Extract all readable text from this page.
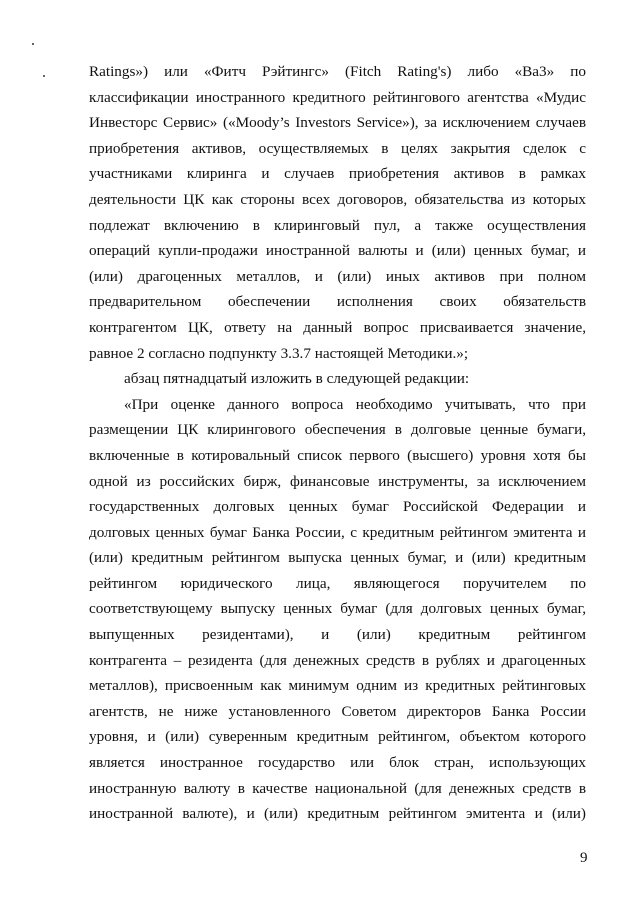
Ratings») или «Фитч Рэйтингс» (Fitch Rating's) либо «Ba3» по
классификации иностранного кредитного рейтингового агентства «Мудис
Инвесторс Сервис» («Moody’s Investors Service»), за исключением случаев
приобретения активов, осуществляемых в целях закрытия сделок с
участниками клиринга и случаев приобретения активов в рамках
деятельности ЦК как стороны всех договоров, обязательства из которых
подлежат включению в клиринговый пул, а также осуществления
операций купли-продажи иностранной валюты и (или) ценных бумаг, и
(или) драгоценных металлов, и (или) иных активов при полном
предварительном обеспечении исполнения своих обязательств
контрагентом ЦК, ответу на данный вопрос присваивается значение,
равное 2 согласно подпункту 3.3.7 настоящей Методики.»;
абзац пятнадцатый изложить в следующей редакции:
«При оценке данного вопроса необходимо учитывать, что при
размещении ЦК клирингового обеспечения в долговые ценные бумаги,
включенные в котировальный список первого (высшего) уровня хотя бы
одной из российских бирж, финансовые инструменты, за исключением
государственных долговых ценных бумаг Российской Федерации и
долговых ценных бумаг Банка России, с кредитным рейтингом эмитента и
(или) кредитным рейтингом выпуска ценных бумаг, и (или) кредитным
рейтингом юридического лица, являющегося поручителем по
соответствующему выпуску ценных бумаг (для долговых ценных бумаг,
выпущенных резидентами), и (или) кредитным рейтингом
контрагента – резидента (для денежных средств в рублях и драгоценных
металлов), присвоенным как минимум одним из кредитных рейтинговых
агентств, не ниже установленного Советом директоров Банка России
уровня, и (или) суверенным кредитным рейтингом, объектом которого
является иностранное государство или блок стран, использующих
иностранную валюту в качестве национальной (для денежных средств в
иностранной валюте), и (или) кредитным рейтингом эмитента и (или)
9
